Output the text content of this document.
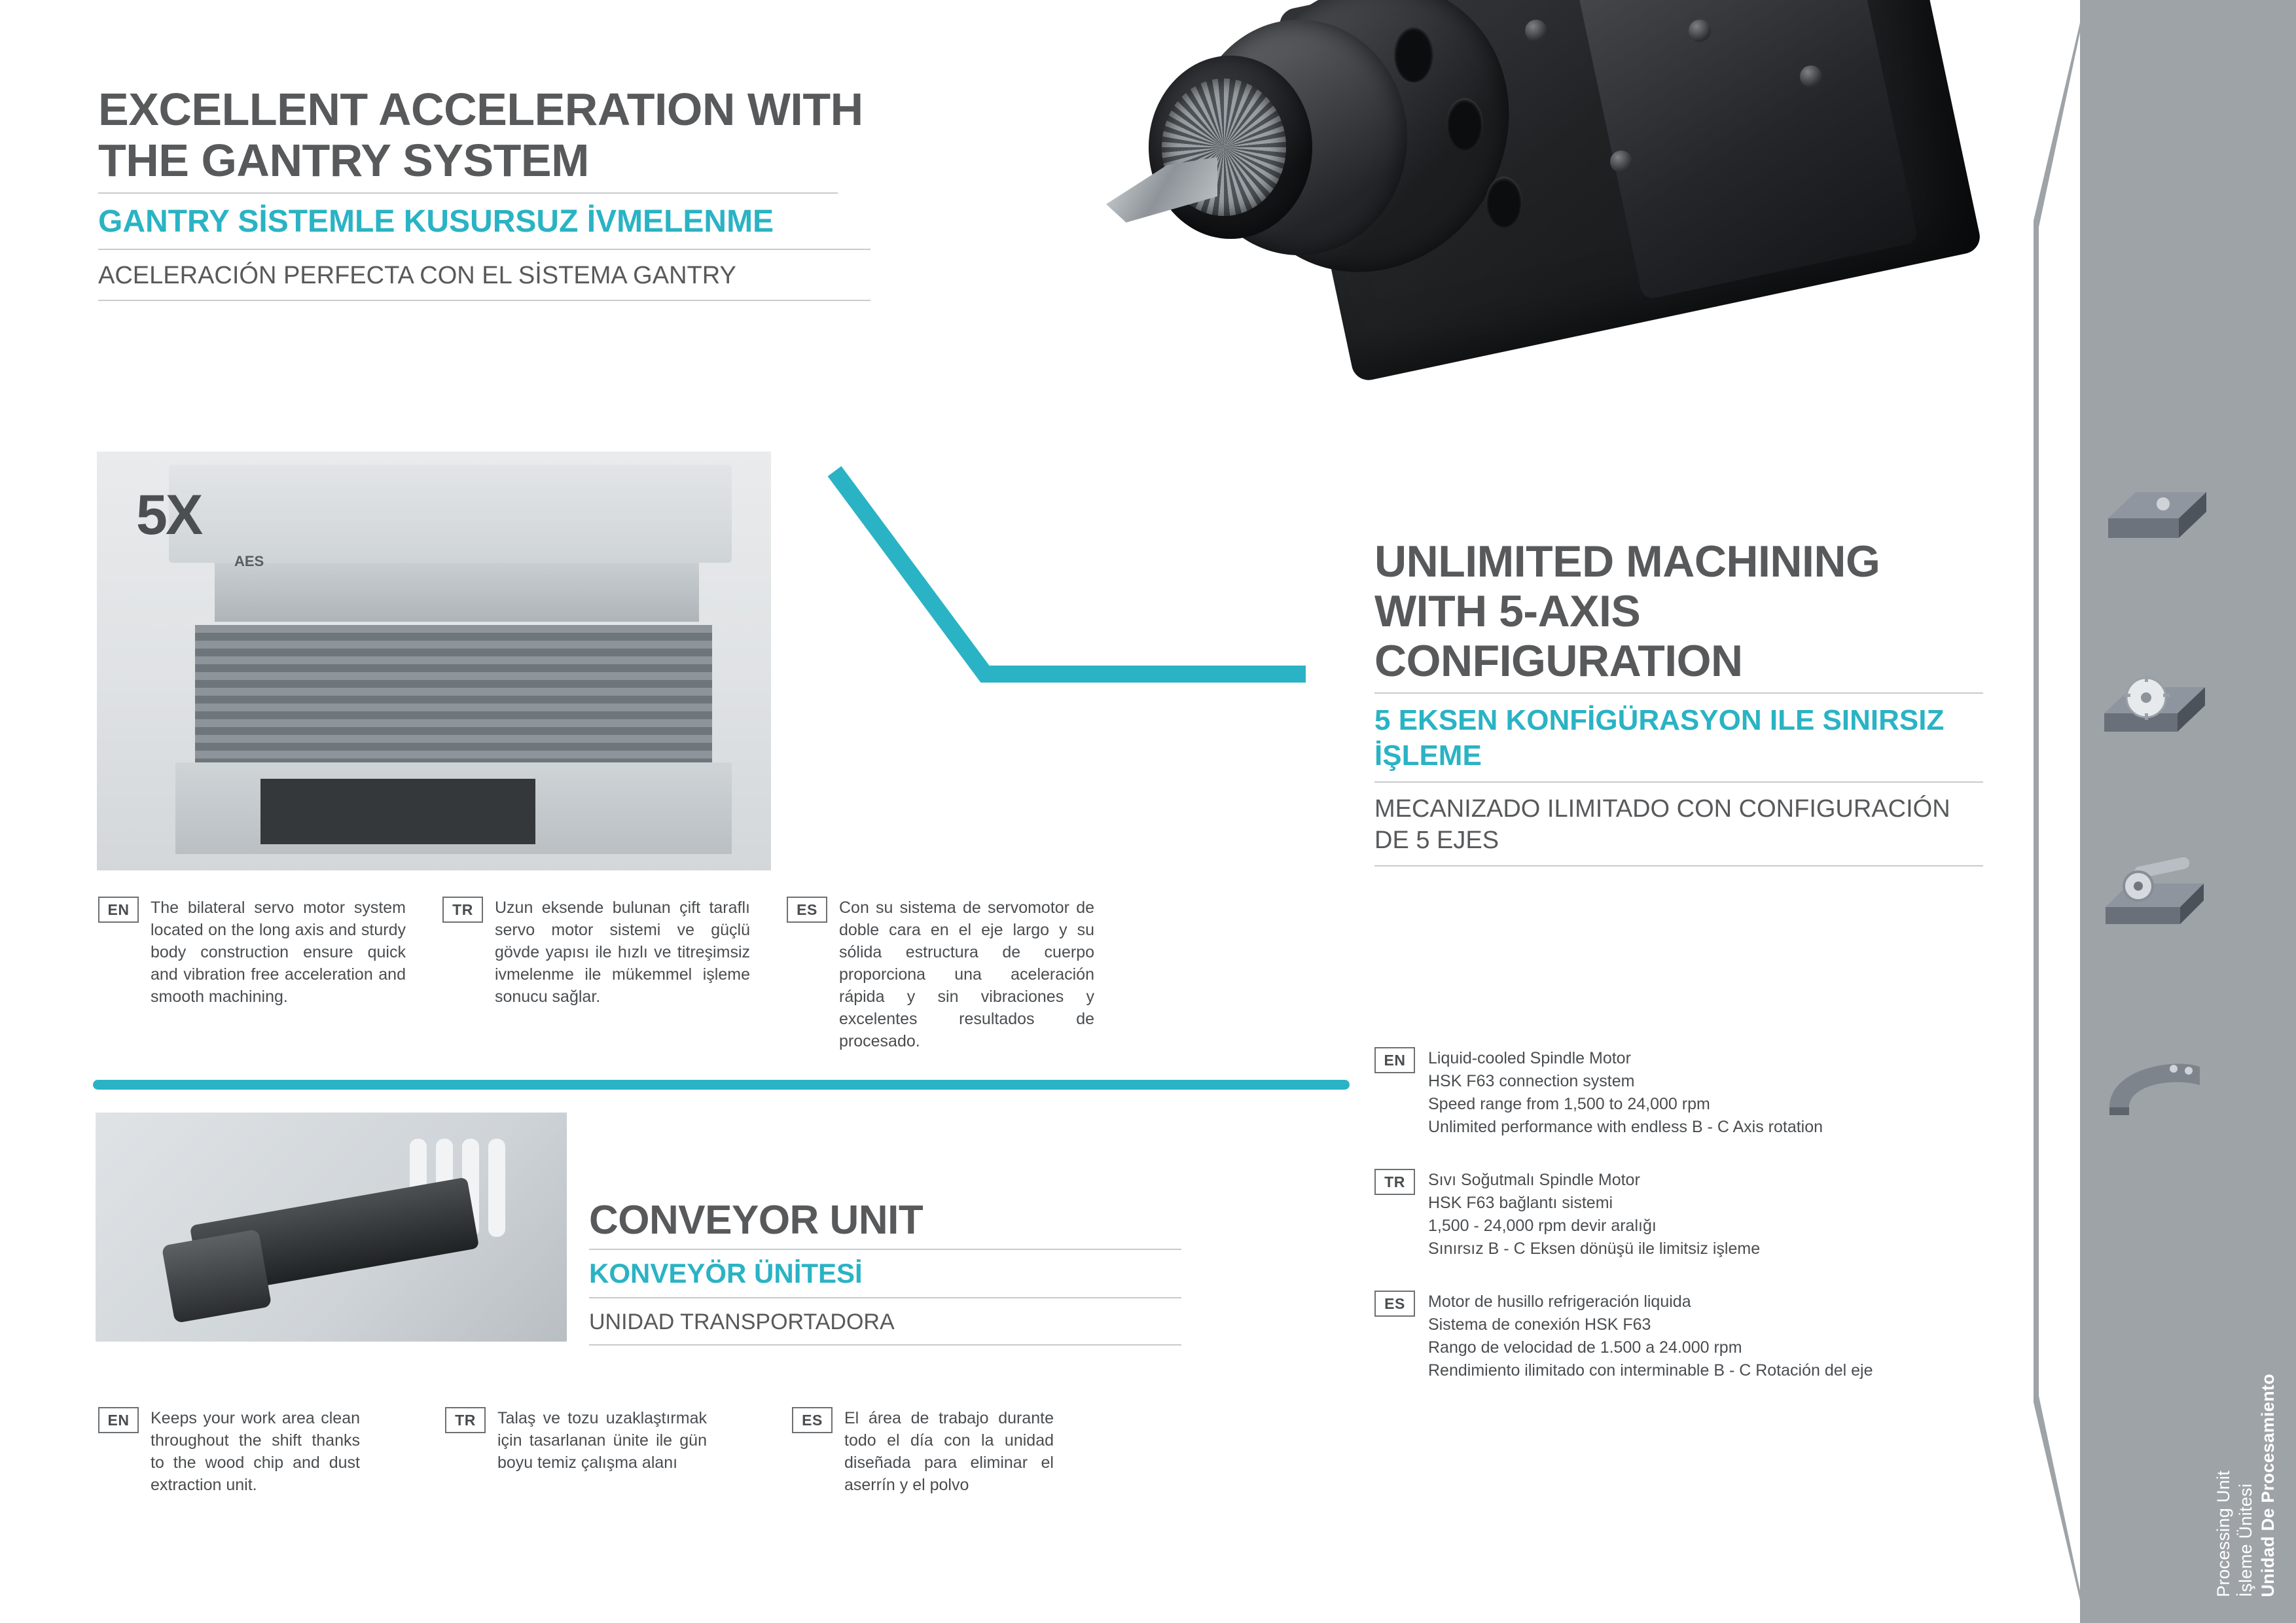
Processing Unit İşleme Ünitesi Unidad De Procesamiento
EXCELLENT ACCELERATION WITH THE GANTRY SYSTEM
GANTRY SİSTEMLE KUSURSUZ İVMELENME
ACELERACIÓN PERFECTA CON EL SİSTEMA GANTRY
5X
AES
EN	The bilateral servo motor system located on the long axis and sturdy body construction ensure quick and vibration free acceleration and smooth machining.
TR	Uzun eksende bulunan çift taraflı servo motor sistemi ve güçlü gövde yapısı ile hızlı ve titreşimsiz ivmelenme ile mükemmel işleme sonucu sağlar.
ES	Con su sistema de servomotor de doble cara en el eje largo y su sólida estructura de cuerpo proporciona una aceleración rápida y sin vibraciones y excelentes resultados de procesado.
UNLIMITED MACHINING WITH 5-AXIS CONFIGURATION
5 EKSEN KONFİGÜRASYON ILE SINIRSIZ İŞLEME
MECANIZADO ILIMITADO CON CONFIGURACIÓN DE 5 EJES
EN	Liquid-cooled Spindle Motor
HSK F63 connection system
Speed range from 1,500 to 24,000 rpm
Unlimited performance with endless B - C Axis rotation
TR	Sıvı Soğutmalı Spindle Motor
HSK F63 bağlantı sistemi
1,500 - 24,000 rpm devir aralığı
Sınırsız B - C Eksen dönüşü ile limitsiz işleme
ES	Motor de husillo refrigeración liquida
Sistema de conexión HSK F63
Rango de velocidad de 1.500 a 24.000 rpm
Rendimiento ilimitado con interminable B - C Rotación del eje
CONVEYOR UNIT
KONVEYÖR ÜNİTESİ
UNIDAD TRANSPORTADORA
EN	Keeps your work area clean throughout the shift thanks to the wood chip and dust extraction unit.
TR	Talaş ve tozu uzaklaştırmak için tasarlanan ünite ile gün boyu temiz çalışma alanı
ES	El área de trabajo durante todo el día con la unidad diseñada para eliminar el aserrín y el polvo
